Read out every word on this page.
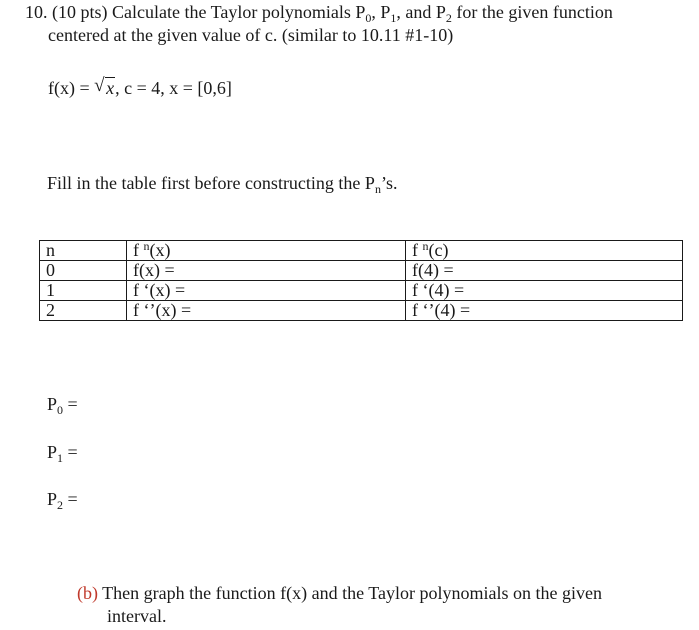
10. (10 pts) Calculate the Taylor polynomials $P_0$, $P_1$, and $P_2$ for the given function
centered at the given value of c. (similar to 10.11 #1-10)
f(x) = √ x, c = 4, x = [0,6]
Fill in the table first before constructing the $P_n’s$.
n	f $^n$(x)	f $^n$(c)
0	f(x) =	f(4) =
1	f ‘(x) =	f ‘(4) =
2	f ‘’(x) =	f ‘’(4) =
$P_0$ =
$P_1$ =
$P_2$ =
(b) Then graph the function f(x) and the Taylor polynomials on the given
interval.
